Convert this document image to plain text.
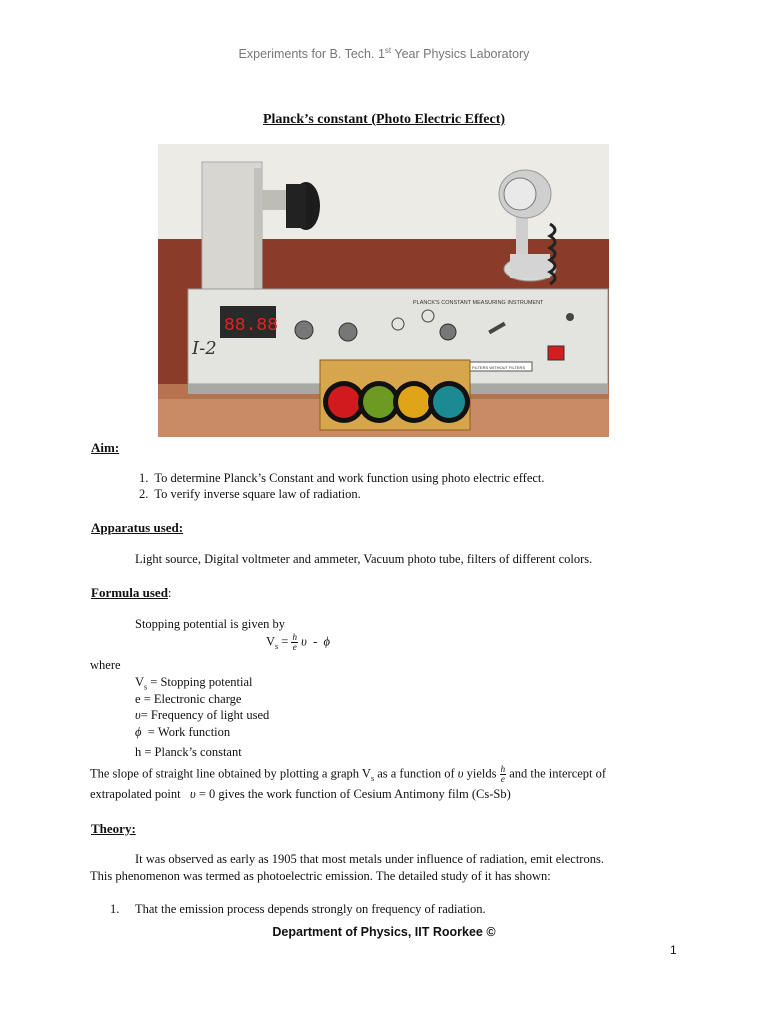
Experiments for B. Tech. 1st Year Physics Laboratory
Planck’s constant (Photo Electric Effect)
PLANCK'S CONSTANT MEASURING INSTRUMENT
88.88
I-2
FILTERS WITHOUT FILTERS
Aim:
1.  To determine Planck’s Constant and work function using photo electric effect.
2.  To verify inverse square law of radiation.
Apparatus used:
Light source, Digital voltmeter and ammeter, Vacuum photo tube, filters of different colors.
Formula used:
Stopping potential is given by
$V_s = \frac{h}{e}$ υ  -  ϕ
where
$V_s$ = Stopping potential
e = Electronic charge
υ= Frequency of light used
ϕ  = Work function
h = Planck’s constant
The slope of straight line obtained by plotting a graph $V_s$ as a function of υ yields $\frac{h}{e}$ and the intercept of
extrapolated point   υ = 0 gives the work function of Cesium Antimony film (Cs-Sb)
Theory:
It was observed as early as 1905 that most metals under influence of radiation, emit electrons.
This phenomenon was termed as photoelectric emission. The detailed study of it has shown:
1. That the emission process depends strongly on frequency of radiation.
Department of Physics, IIT Roorkee ©
1
